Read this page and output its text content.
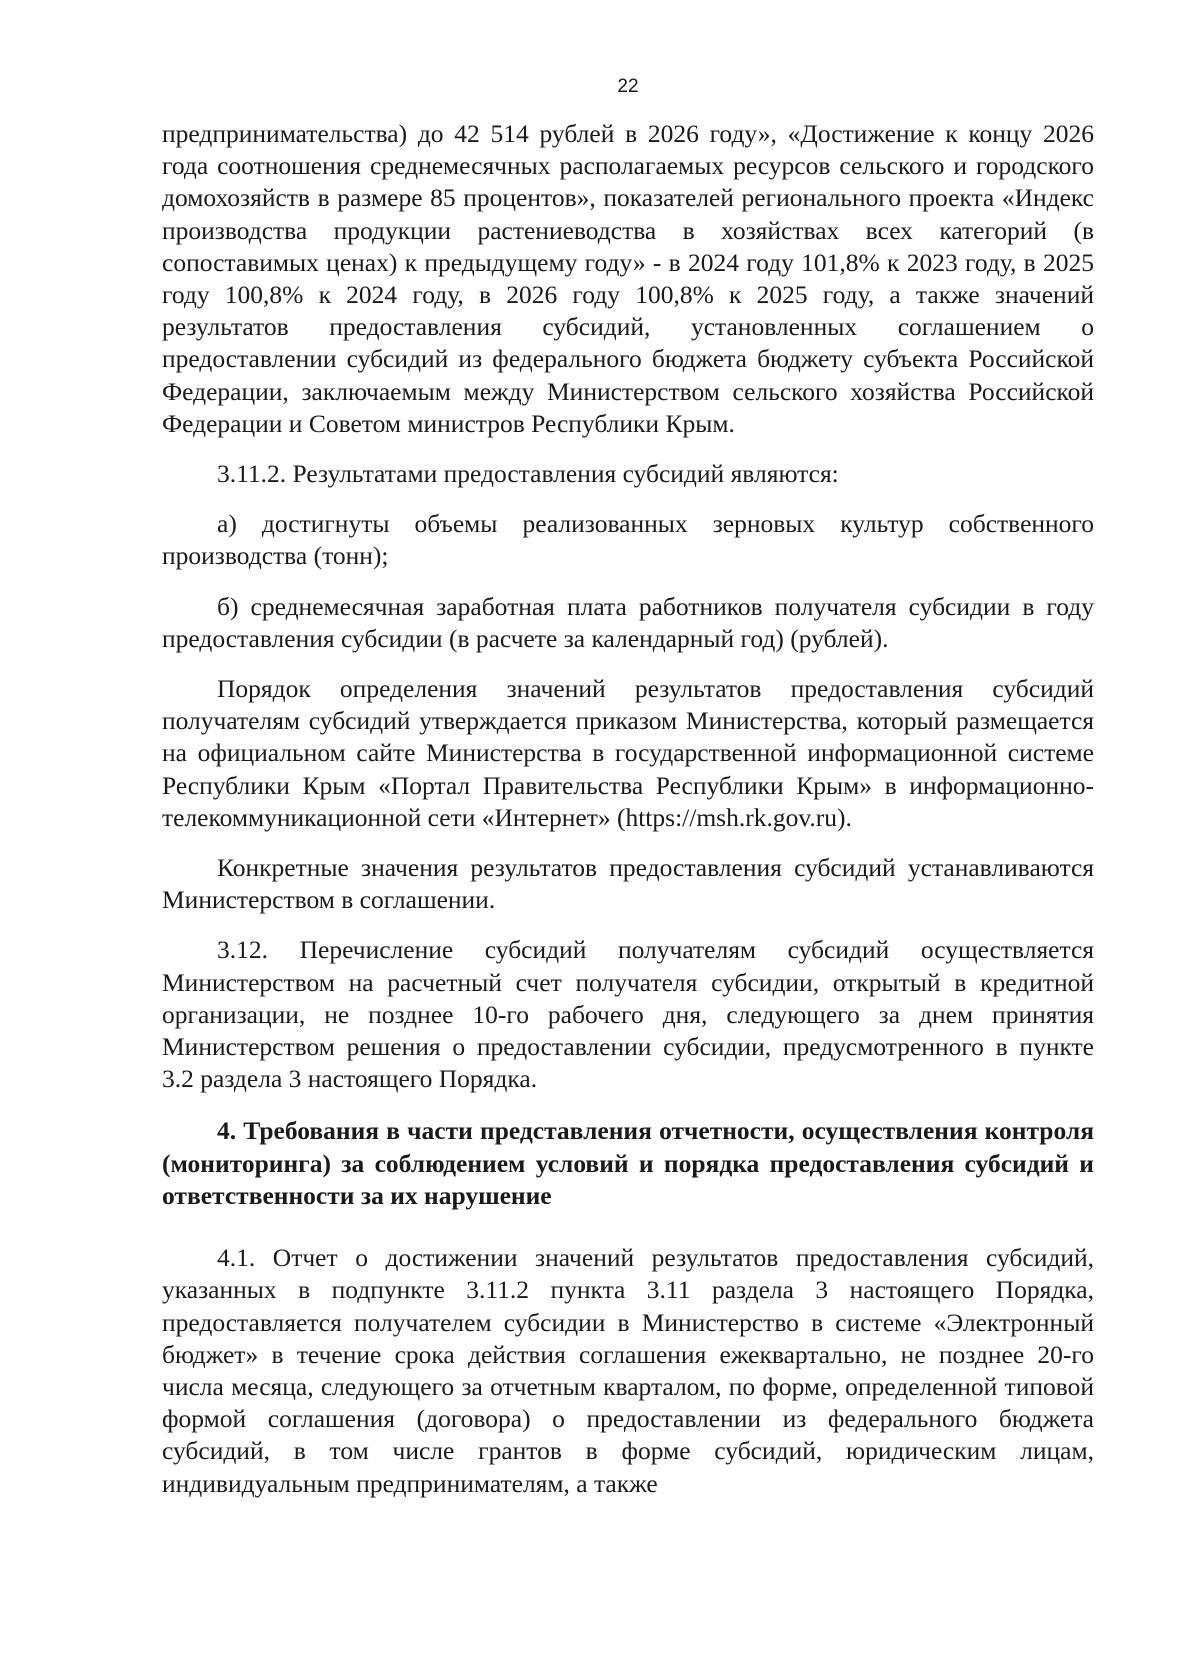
22

предпринимательства) до 42 514 рублей в 2026 году», «Достижение к концу 2026 года соотношения среднемесячных располагаемых ресурсов сельского и городского домохозяйств в размере 85 процентов», показателей регионального проекта «Индекс производства продукции растениеводства в хозяйствах всех категорий (в сопоставимых ценах) к предыдущему году» - в 2024 году 101,8% к 2023 году, в 2025 году 100,8% к 2024 году, в 2026 году 100,8% к 2025 году, а также значений результатов предоставления субсидий, установленных соглашением о предоставлении субсидий из федерального бюджета бюджету субъекта Российской Федерации, заключаемым между Министерством сельского хозяйства Российской Федерации и Советом министров Республики Крым.

3.11.2. Результатами предоставления субсидий являются:

а) достигнуты объемы реализованных зерновых культур собственного производства (тонн);

б) среднемесячная заработная плата работников получателя субсидии в году предоставления субсидии (в расчете за календарный год) (рублей).

Порядок определения значений результатов предоставления субсидий получателям субсидий утверждается приказом Министерства, который размещается на официальном сайте Министерства в государственной информационной системе Республики Крым «Портал Правительства Республики Крым» в информационно-телекоммуникационной сети «Интернет» (https://msh.rk.gov.ru).

Конкретные значения результатов предоставления субсидий устанавливаются Министерством в соглашении.

3.12. Перечисление субсидий получателям субсидий осуществляется Министерством на расчетный счет получателя субсидии, открытый в кредитной организации, не позднее 10-го рабочего дня, следующего за днем принятия Министерством решения о предоставлении субсидии, предусмотренного в пункте 3.2 раздела 3 настоящего Порядка.

4. Требования в части представления отчетности, осуществления контроля (мониторинга) за соблюдением условий и порядка предоставления субсидий и ответственности за их нарушение

4.1. Отчет о достижении значений результатов предоставления субсидий, указанных в подпункте 3.11.2 пункта 3.11 раздела 3 настоящего Порядка, предоставляется получателем субсидии в Министерство в системе «Электронный бюджет» в течение срока действия соглашения ежеквартально, не позднее 20-го числа месяца, следующего за отчетным кварталом, по форме, определенной типовой формой соглашения (договора) о предоставлении из федерального бюджета субсидий, в том числе грантов в форме субсидий, юридическим лицам, индивидуальным предпринимателям, а также
